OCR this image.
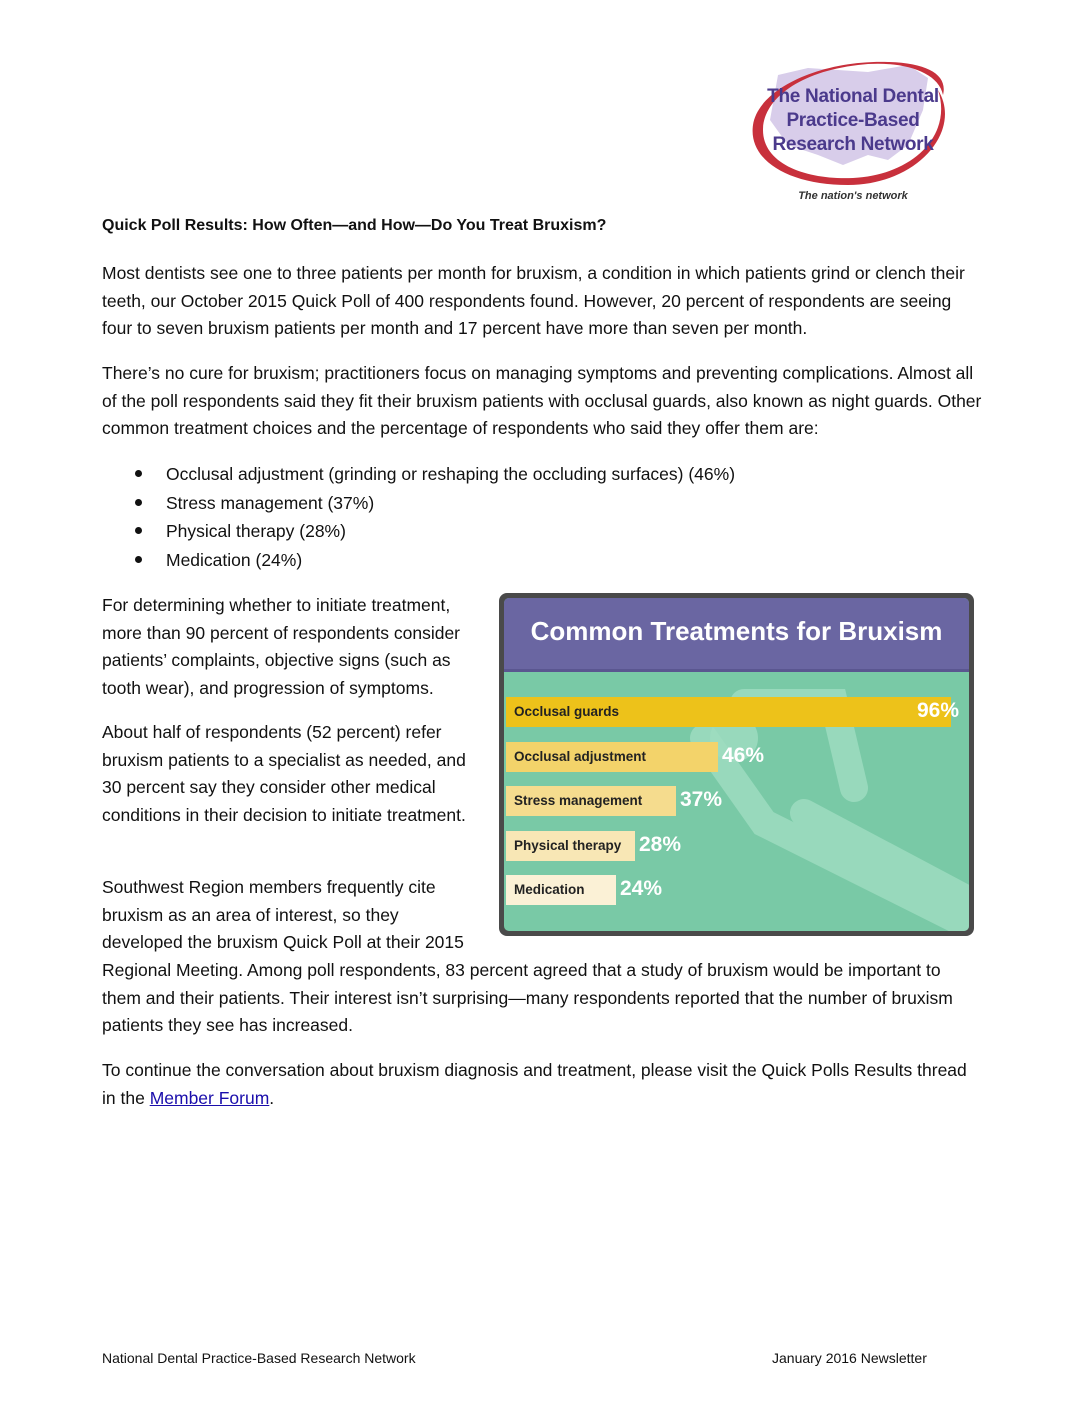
The National Dental
Practice-Based
Research Network
The nation's network
Quick Poll Results: How Often—and How—Do You Treat Bruxism?

Most dentists see one to three patients per month for bruxism, a condition in which patients grind or clench their teeth, our October 2015 Quick Poll of 400 respondents found. However, 20 percent of respondents are seeing four to seven bruxism patients per month and 17 percent have more than seven per month.

There’s no cure for bruxism; practitioners focus on managing symptoms and preventing complications. Almost all of the poll respondents said they fit their bruxism patients with occlusal guards, also known as night guards. Other common treatment choices and the percentage of respondents who said they offer them are:

Occlusal adjustment (grinding or reshaping the occluding surfaces) (46%)
Stress management (37%)
Physical therapy (28%)
Medication (24%)

For determining whether to initiate treatment, more than 90 percent of respondents consider patients’ complaints, objective signs (such as tooth wear), and progression of symptoms.

About half of respondents (52 percent) refer bruxism patients to a specialist as needed, and 30 percent say they consider other medical conditions in their decision to initiate treatment.

Southwest Region members frequently cite
bruxism as an area of interest, so they
developed the bruxism Quick Poll at their 2015

Regional Meeting. Among poll respondents, 83 percent agreed that a study of bruxism would be important to them and their patients. Their interest isn’t surprising—many respondents reported that the number of bruxism patients they see has increased.

To continue the conversation about bruxism diagnosis and treatment, please visit the Quick Polls Results thread in the Member Forum.

Common Treatments for Bruxism
Occlusal guards	96%
Occlusal adjustment	46%
Stress management 37%
Physical therapy 28%
Medication 24%
National Dental Practice-Based Research Network	January 2016 Newsletter
